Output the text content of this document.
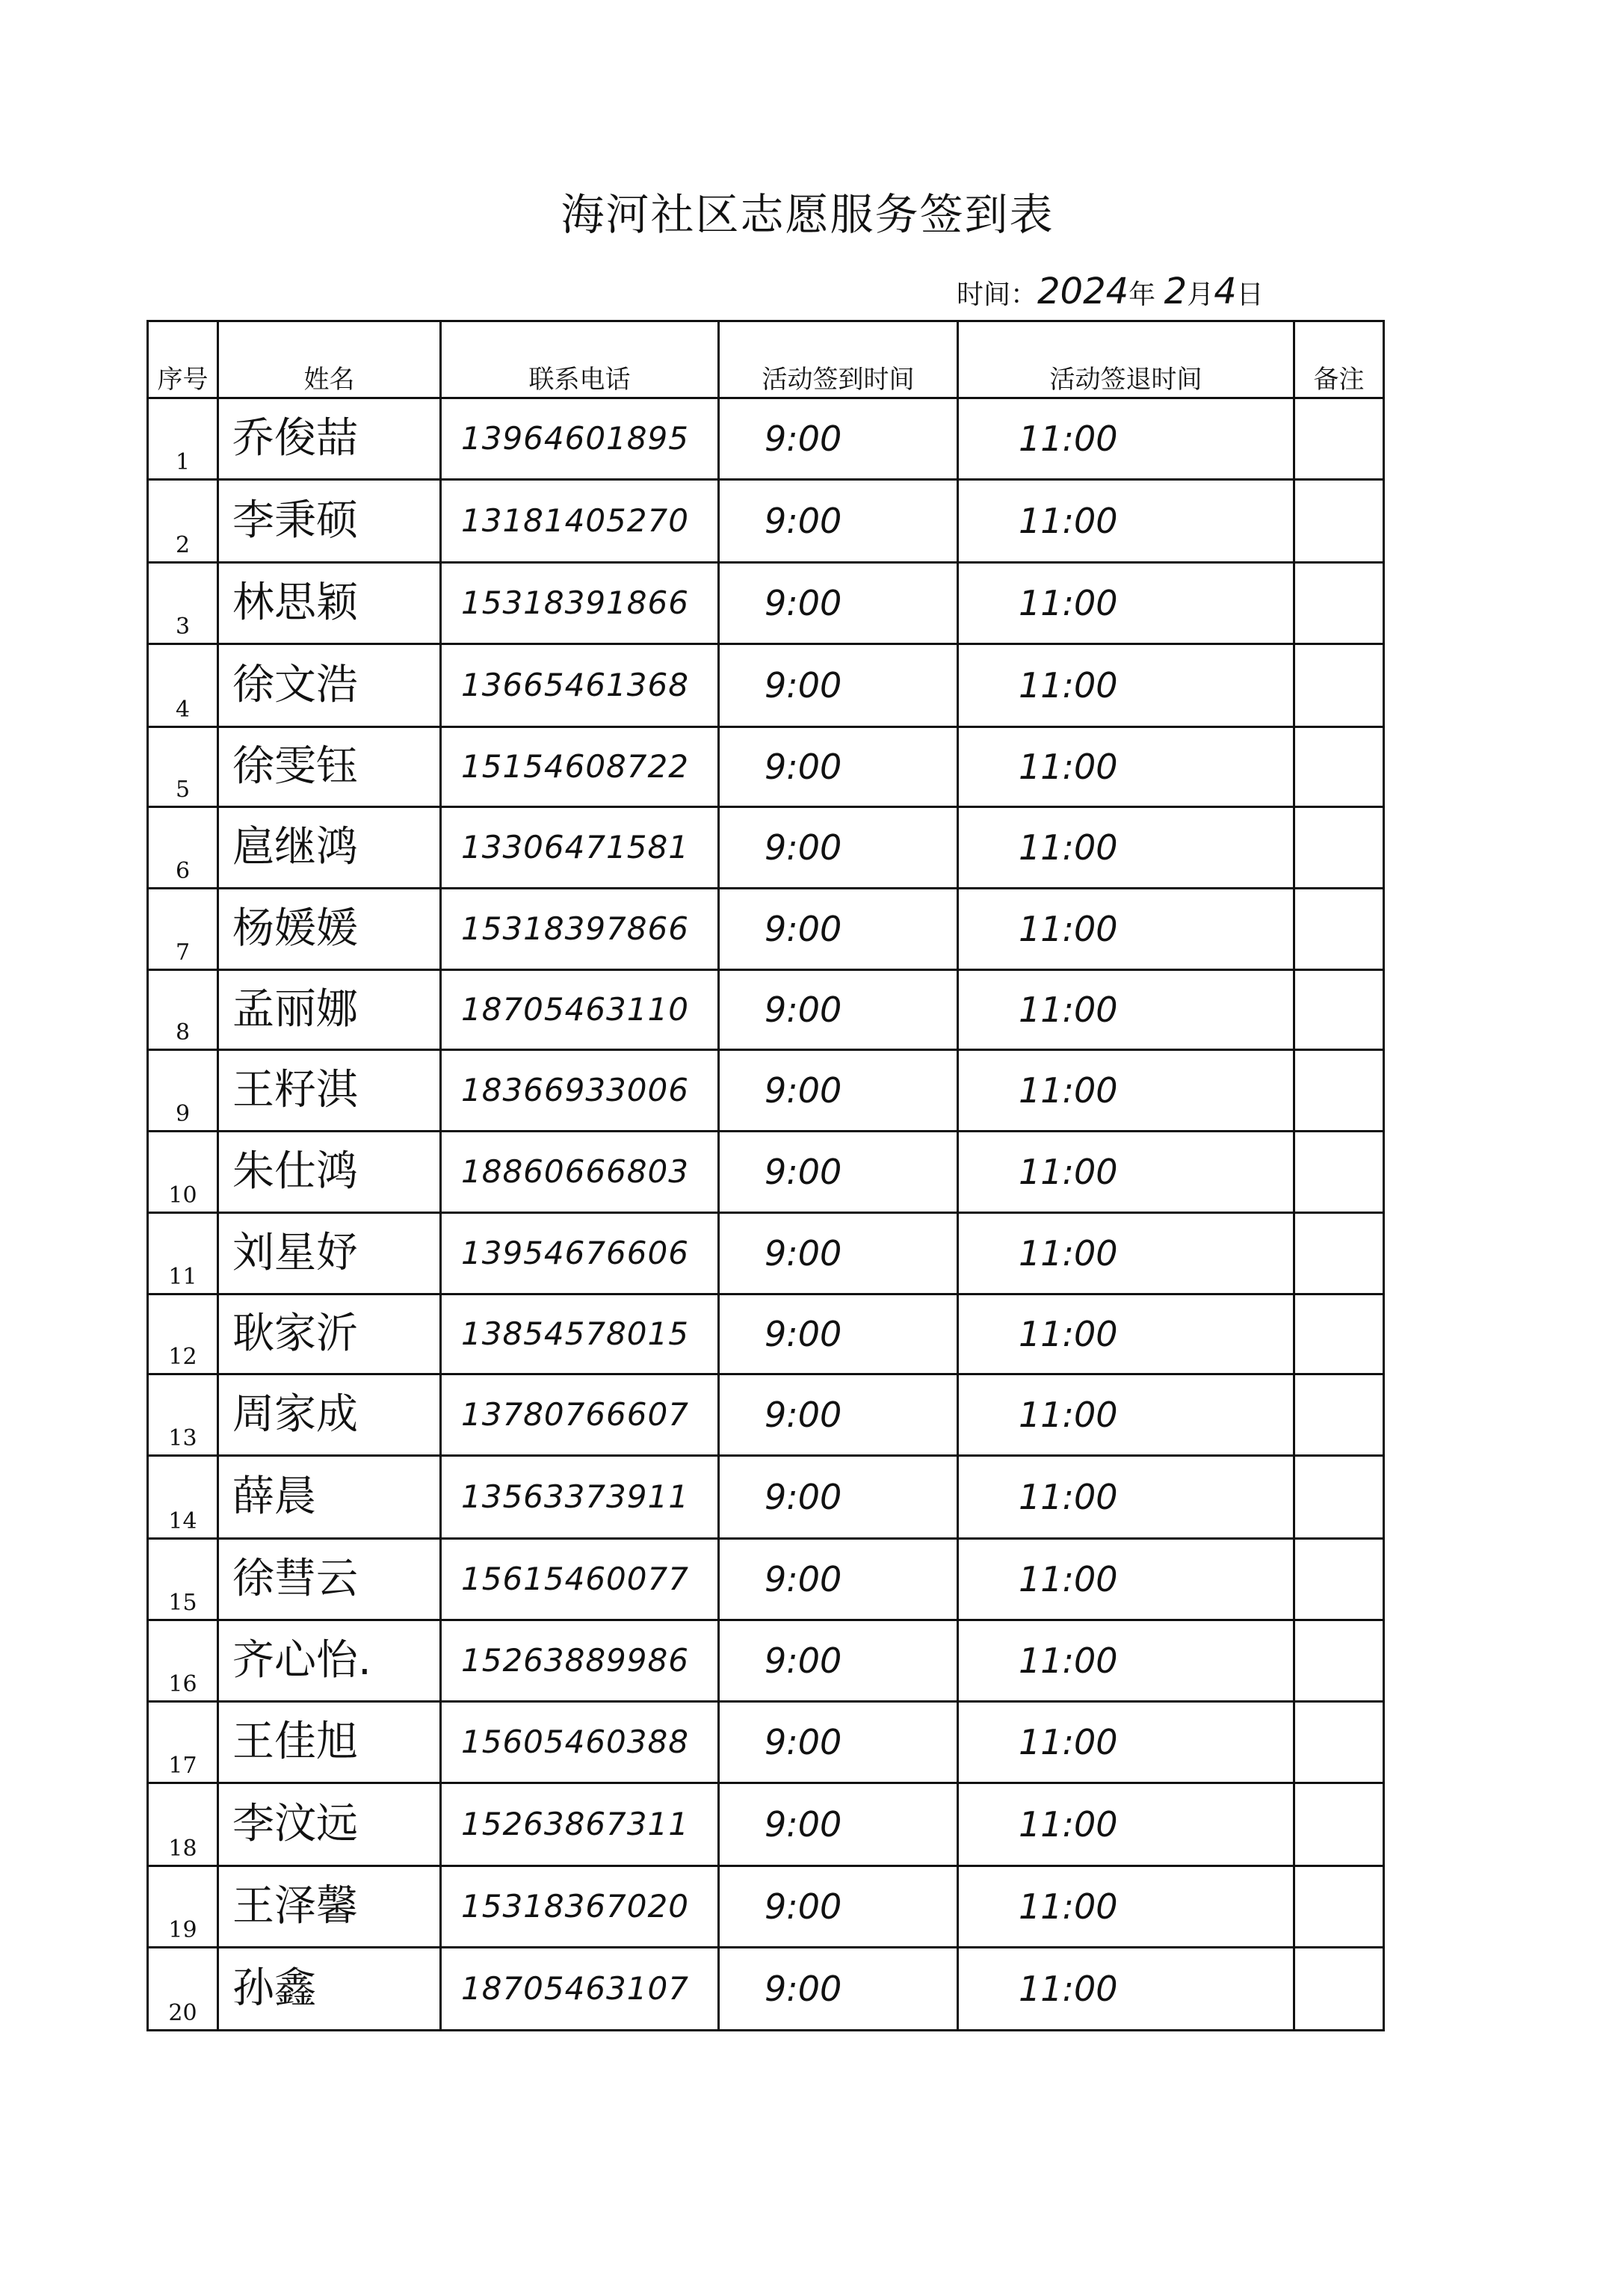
海河社区志愿服务签到表
时间：2024年 2月4日
序号	姓名	联系电话	活动签到时间	活动签退时间	备注

1	乔俊喆	13964601895	9:00	11:00	

2	李秉硕	13181405270	9:00	11:00	

3	林思颖	15318391866	9:00	11:00	

4	徐文浩	13665461368	9:00	11:00	

5	徐雯钰	15154608722	9:00	11:00	

6	扈继鸿	13306471581	9:00	11:00	

7	杨媛媛	15318397866	9:00	11:00	

8	孟丽娜	18705463110	9:00	11:00	

9	王籽淇	18366933006	9:00	11:00	

10	朱仕鸿	18860666803	9:00	11:00	

11	刘星妤	13954676606	9:00	11:00	

12	耿家沂	13854578015	9:00	11:00	

13	周家成	13780766607	9:00	11:00	

14	薛晨	13563373911	9:00	11:00	

15	徐彗云	15615460077	9:00	11:00	

16	齐心怡.	15263889986	9:00	11:00	

17	王佳旭	15605460388	9:00	11:00	

18	李汶远	15263867311	9:00	11:00	

19	王泽馨	15318367020	9:00	11:00	

20	孙鑫	18705463107	9:00	11:00	
